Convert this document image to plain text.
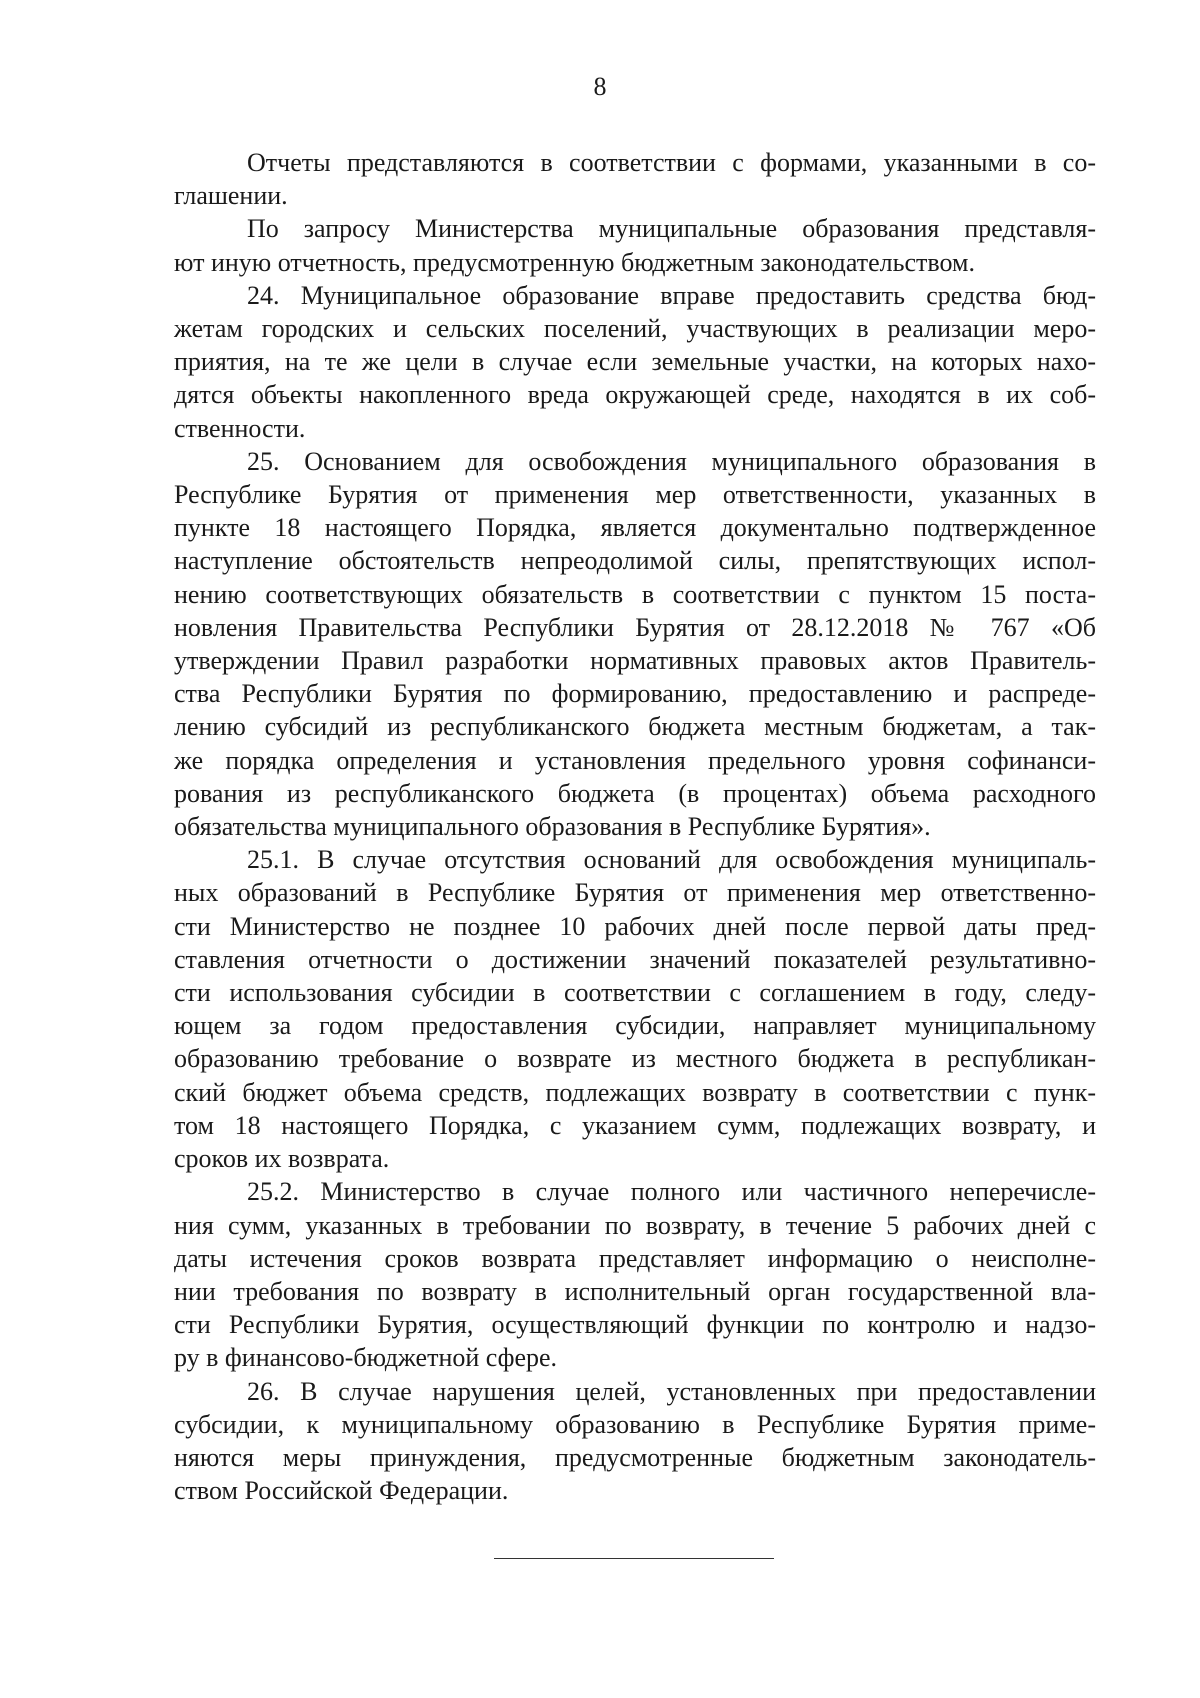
8

Отчеты представляются в соответствии с формами, указанными в со-
глашении.

По запросу Министерства муниципальные образования представля-
ют иную отчетность, предусмотренную бюджетным законодательством.

24. Муниципальное образование вправе предоставить средства бюд-
жетам городских и сельских поселений, участвующих в реализации меро-
приятия, на те же цели в случае если земельные участки, на которых нахо-
дятся объекты накопленного вреда окружающей среде, находятся в их соб-
ственности.

25. Основанием для освобождения муниципального образования в
Республике Бурятия от применения мер ответственности, указанных в
пункте 18 настоящего Порядка, является документально подтвержденное
наступление обстоятельств непреодолимой силы, препятствующих испол-
нению соответствующих обязательств в соответствии с пунктом 15 поста-
новления Правительства Республики Бурятия от 28.12.2018 № 767 «Об
утверждении Правил разработки нормативных правовых актов Правитель-
ства Республики Бурятия по формированию, предоставлению и распреде-
лению субсидий из республиканского бюджета местным бюджетам, а так-
же порядка определения и установления предельного уровня софинанси-
рования из республиканского бюджета (в процентах) объема расходного
обязательства муниципального образования в Республике Бурятия».

25.1. В случае отсутствия оснований для освобождения муниципаль-
ных образований в Республике Бурятия от применения мер ответственно-
сти Министерство не позднее 10 рабочих дней после первой даты пред-
ставления отчетности о достижении значений показателей результативно-
сти использования субсидии в соответствии с соглашением в году, следу-
ющем за годом предоставления субсидии, направляет муниципальному
образованию требование о возврате из местного бюджета в республикан-
ский бюджет объема средств, подлежащих возврату в соответствии с пунк-
том 18 настоящего Порядка, с указанием сумм, подлежащих возврату, и
сроков их возврата.

25.2. Министерство в случае полного или частичного неперечисле-
ния сумм, указанных в требовании по возврату, в течение 5 рабочих дней с
даты истечения сроков возврата представляет информацию о неисполне-
нии требования по возврату в исполнительный орган государственной вла-
сти Республики Бурятия, осуществляющий функции по контролю и надзо-
ру в финансово-бюджетной сфере.

26. В случае нарушения целей, установленных при предоставлении
субсидии, к муниципальному образованию в Республике Бурятия приме-
няются меры принуждения, предусмотренные бюджетным законодатель-
ством Российской Федерации.
